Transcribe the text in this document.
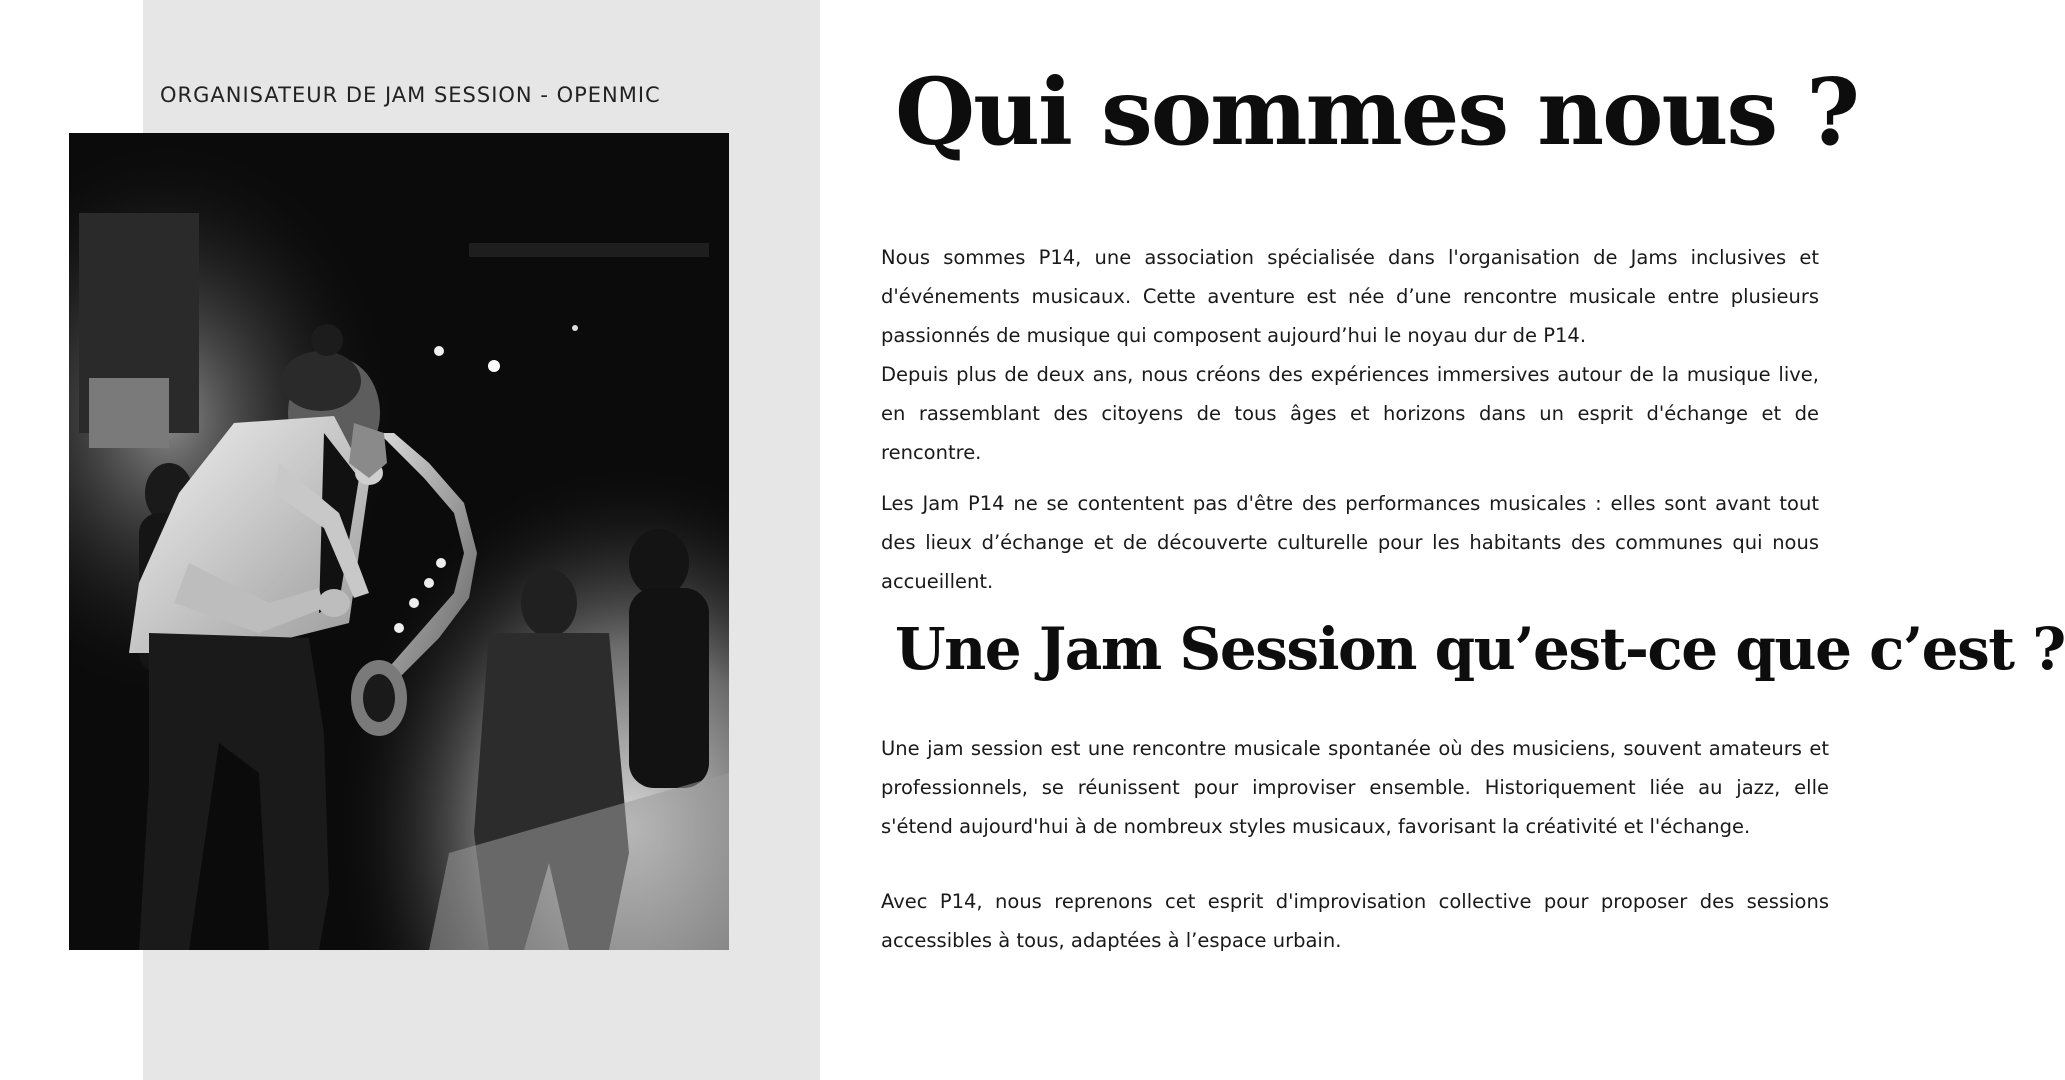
ORGANISATEUR DE JAM SESSION - OPENMIC	Qui sommes nous ?

Nous sommes P14, une association spécialisée dans l'organisation de Jams inclusives et d'événements musicaux. Cette aventure est née d’une rencontre musicale entre plusieurs passionnés de musique qui composent aujourd’hui le noyau dur de P14.

Depuis plus de deux ans, nous créons des expériences immersives autour de la musique live, en rassemblant des citoyens de tous âges et horizons dans un esprit d'échange et de rencontre.

Les Jam P14 ne se contentent pas d'être des performances musicales : elles sont avant tout des lieux d’échange et de découverte culturelle pour les habitants des communes qui nous accueillent.

Une Jam Session qu’est-ce que c’est ?

Une jam session est une rencontre musicale spontanée où des musiciens, souvent amateurs et professionnels, se réunissent pour improviser ensemble. Historiquement liée au jazz, elle s'étend aujourd'hui à de nombreux styles musicaux, favorisant la créativité et l'échange.

Avec P14, nous reprenons cet esprit d'improvisation collective pour proposer des sessions accessibles à tous, adaptées à l’espace urbain.
